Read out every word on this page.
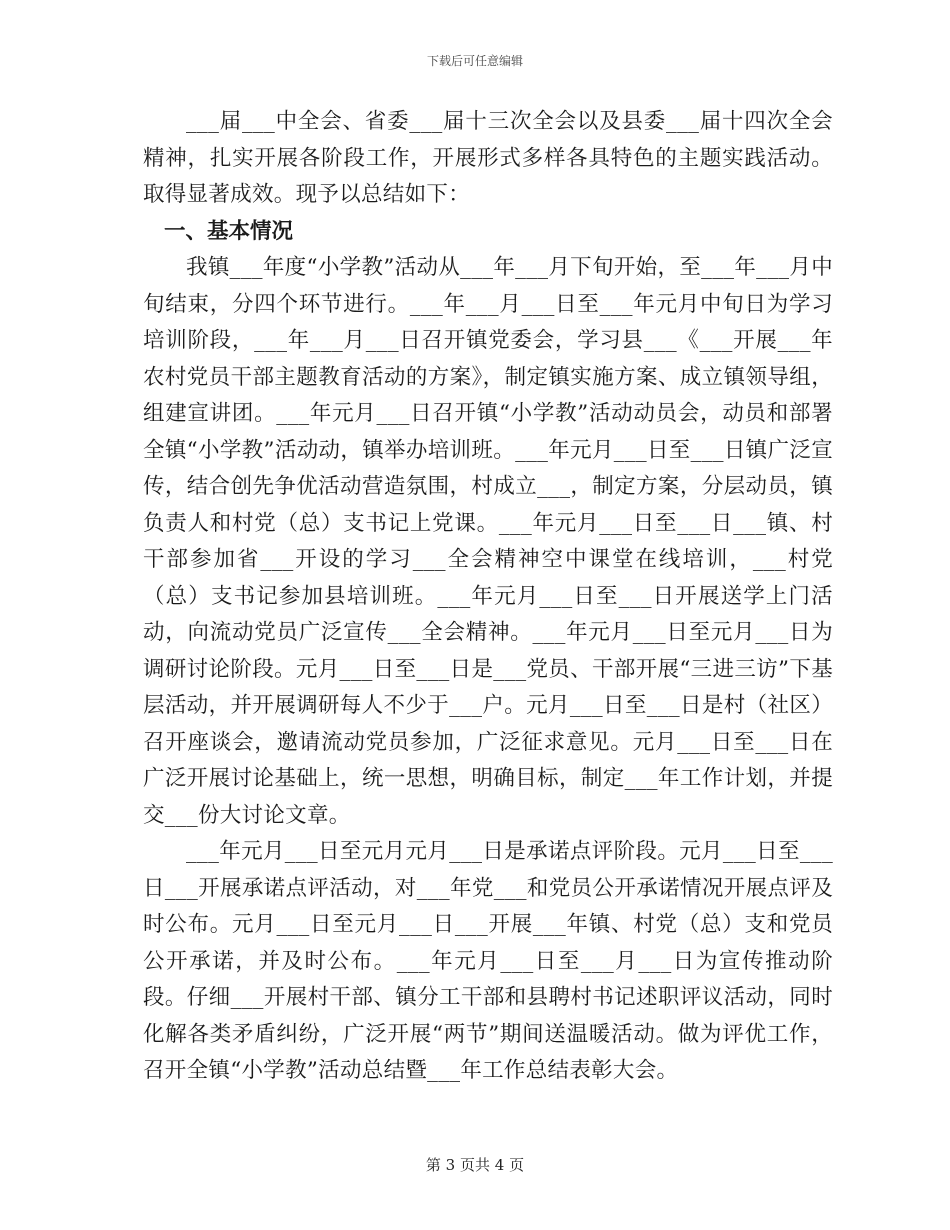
下载后可任意编辑

___届___中全会、省委___届十三次全会以及县委___届十四次全会精神，扎实开展各阶段工作，开展形式多样各具特色的主题实践活动。取得显著成效。现予以总结如下：

一、基本情况

我镇___年度“小学教”活动从___年___月下旬开始，至___年___月中旬结束，分四个环节进行。___年___月___日至___年元月中旬日为学习培训阶段，___年___月___日召开镇党委会，学习县___《___开展___年农村党员干部主题教育活动的方案》，制定镇实施方案、成立镇领导组，组建宣讲团。___年元月___日召开镇“小学教”活动动员会，动员和部署全镇“小学教”活动动，镇举办培训班。___年元月___日至___日镇广泛宣传，结合创先争优活动营造氛围，村成立___，制定方案，分层动员，镇负责人和村党（总）支书记上党课。___年元月___日至___日___镇、村干部参加省___开设的学习___全会精神空中课堂在线培训，___村党（总）支书记参加县培训班。___年元月___日至___日开展送学上门活动，向流动党员广泛宣传___全会精神。___年元月___日至元月___日为调研讨论阶段。元月___日至___日是___党员、干部开展“三进三访”下基层活动，并开展调研每人不少于___户。元月___日至___日是村（社区）召开座谈会，邀请流动党员参加，广泛征求意见。元月___日至___日在广泛开展讨论基础上，统一思想，明确目标，制定___年工作计划，并提交___份大讨论文章。

___年元月___日至元月元月___日是承诺点评阶段。元月___日至___日___开展承诺点评活动，对___年党___和党员公开承诺情况开展点评及时公布。元月___日至元月___日___开展___年镇、村党（总）支和党员公开承诺，并及时公布。___年元月___日至___月___日为宣传推动阶段。仔细___开展村干部、镇分工干部和县聘村书记述职评议活动，同时化解各类矛盾纠纷，广泛开展“两节”期间送温暖活动。做为评优工作，召开全镇“小学教”活动总结暨___年工作总结表彰大会。

第 3 页共 4 页
